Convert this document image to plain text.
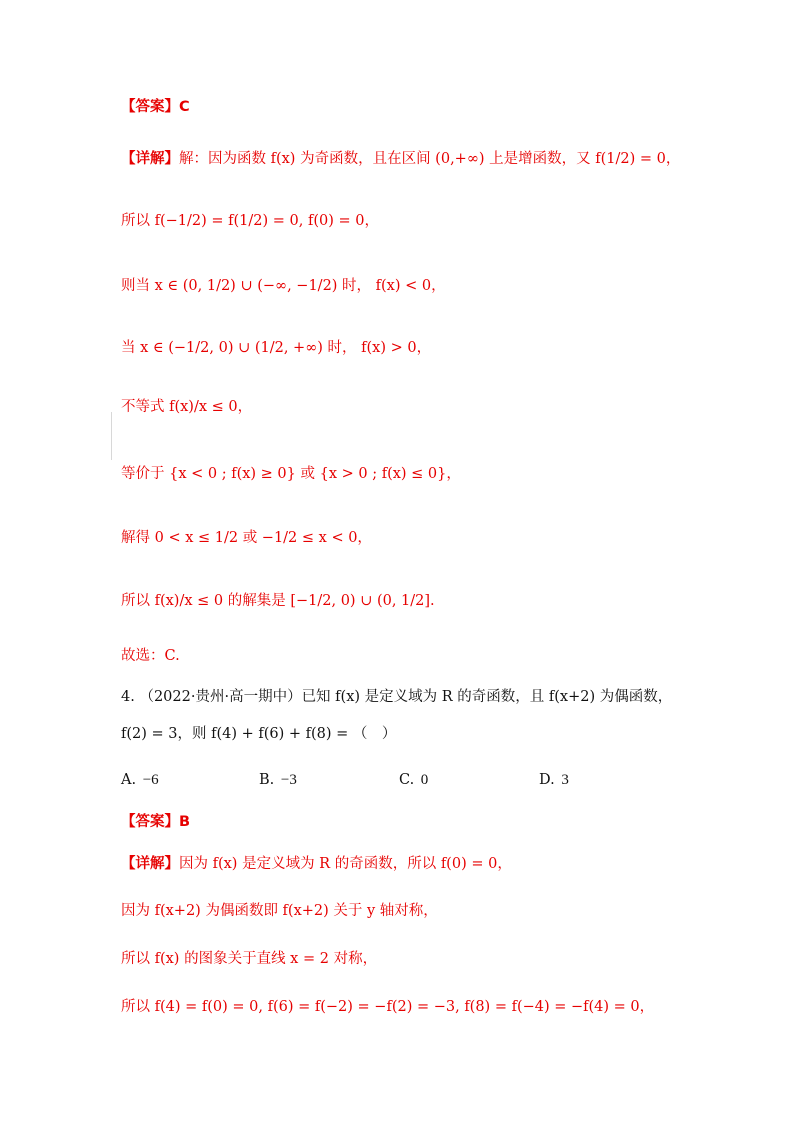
【答案】 C
【详解】 解：因为函数 f(x) 为奇函数，且在区间 (0,+∞) 上是增函数，又 f(1/2) = 0，
所以 f(−1/2) = f(1/2) = 0, f(0) = 0，
则当 x ∈ (0, 1/2) ∪ (−∞, −1/2) 时， f(x) < 0，
当 x ∈ (−1/2, 0) ∪ (1/2, +∞) 时， f(x) > 0，
不等式 f(x)/x ≤ 0，
等价于 {x < 0 ; f(x) ≥ 0} 或 {x > 0 ; f(x) ≤ 0}，
解得 0 < x ≤ 1/2 或 −1/2 ≤ x < 0，
所以 f(x)/x ≤ 0 的解集是 [−1/2, 0) ∪ (0, 1/2].
故选：C.
4. （2022·贵州·高一期中）已知 f(x) 是定义域为 R 的奇函数，且 f(x+2) 为偶函数，
f(2) = 3，则 f(4) + f(6) + f(8) = （　）
A. −6	B. −3	C. 0	D. 3
【答案】 B
【详解】 因为 f(x) 是定义域为 R 的奇函数，所以 f(0) = 0，
因为 f(x+2) 为偶函数即 f(x+2) 关于 y 轴对称，
所以 f(x) 的图象关于直线 x = 2 对称，
所以 f(4) = f(0) = 0, f(6) = f(−2) = −f(2) = −3, f(8) = f(−4) = −f(4) = 0，
